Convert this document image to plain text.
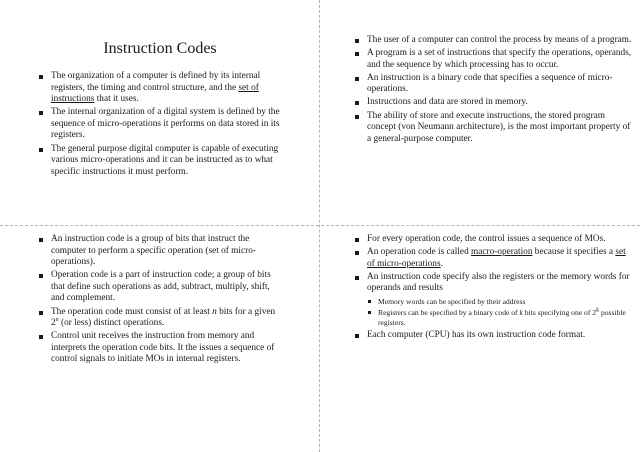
Instruction Codes
The organization of a computer is defined by its internal registers, the timing and control structure, and the set of instructions that it uses.
The internal organization of a digital system is defined by the sequence of micro-operations it performs on data stored in its registers.
The general purpose digital computer is capable of executing various micro-operations and it can be instructed as to what specific instructions it must perform.
The user of a computer can control the process by means of a program.
A program is a set of instructions that specify the operations, operands, and the sequence by which processing has to occur.
An instruction is a binary code that specifies a sequence of micro-operations.
Instructions and data are stored in memory.
The ability of store and execute instructions, the stored program concept (von Neumann architecture), is the most important property of a general-purpose computer.
An instruction code is a group of bits that instruct the computer to perform a specific operation (set of micro-operations).
Operation code is a part of instruction code; a group of bits that define such operations as add, subtract, multiply, shift, and complement.
The operation code must consist of at least n bits for a given 2$^n$ (or less) distinct operations.
Control unit receives the instruction from memory and interprets the operation code bits. It the issues a sequence of control signals to initiate MOs in internal registers.
For every operation code, the control issues a sequence of MOs.
An operation code is called macro-operation because it specifies a set of micro-operations.
An instruction code specify also the registers or the memory words for operands and results
Memory words can be specified by their address
Registers can be specified by a binary code of k bits specifying one of 2$^k$ possible registers.
Each computer (CPU) has its own instruction code format.
